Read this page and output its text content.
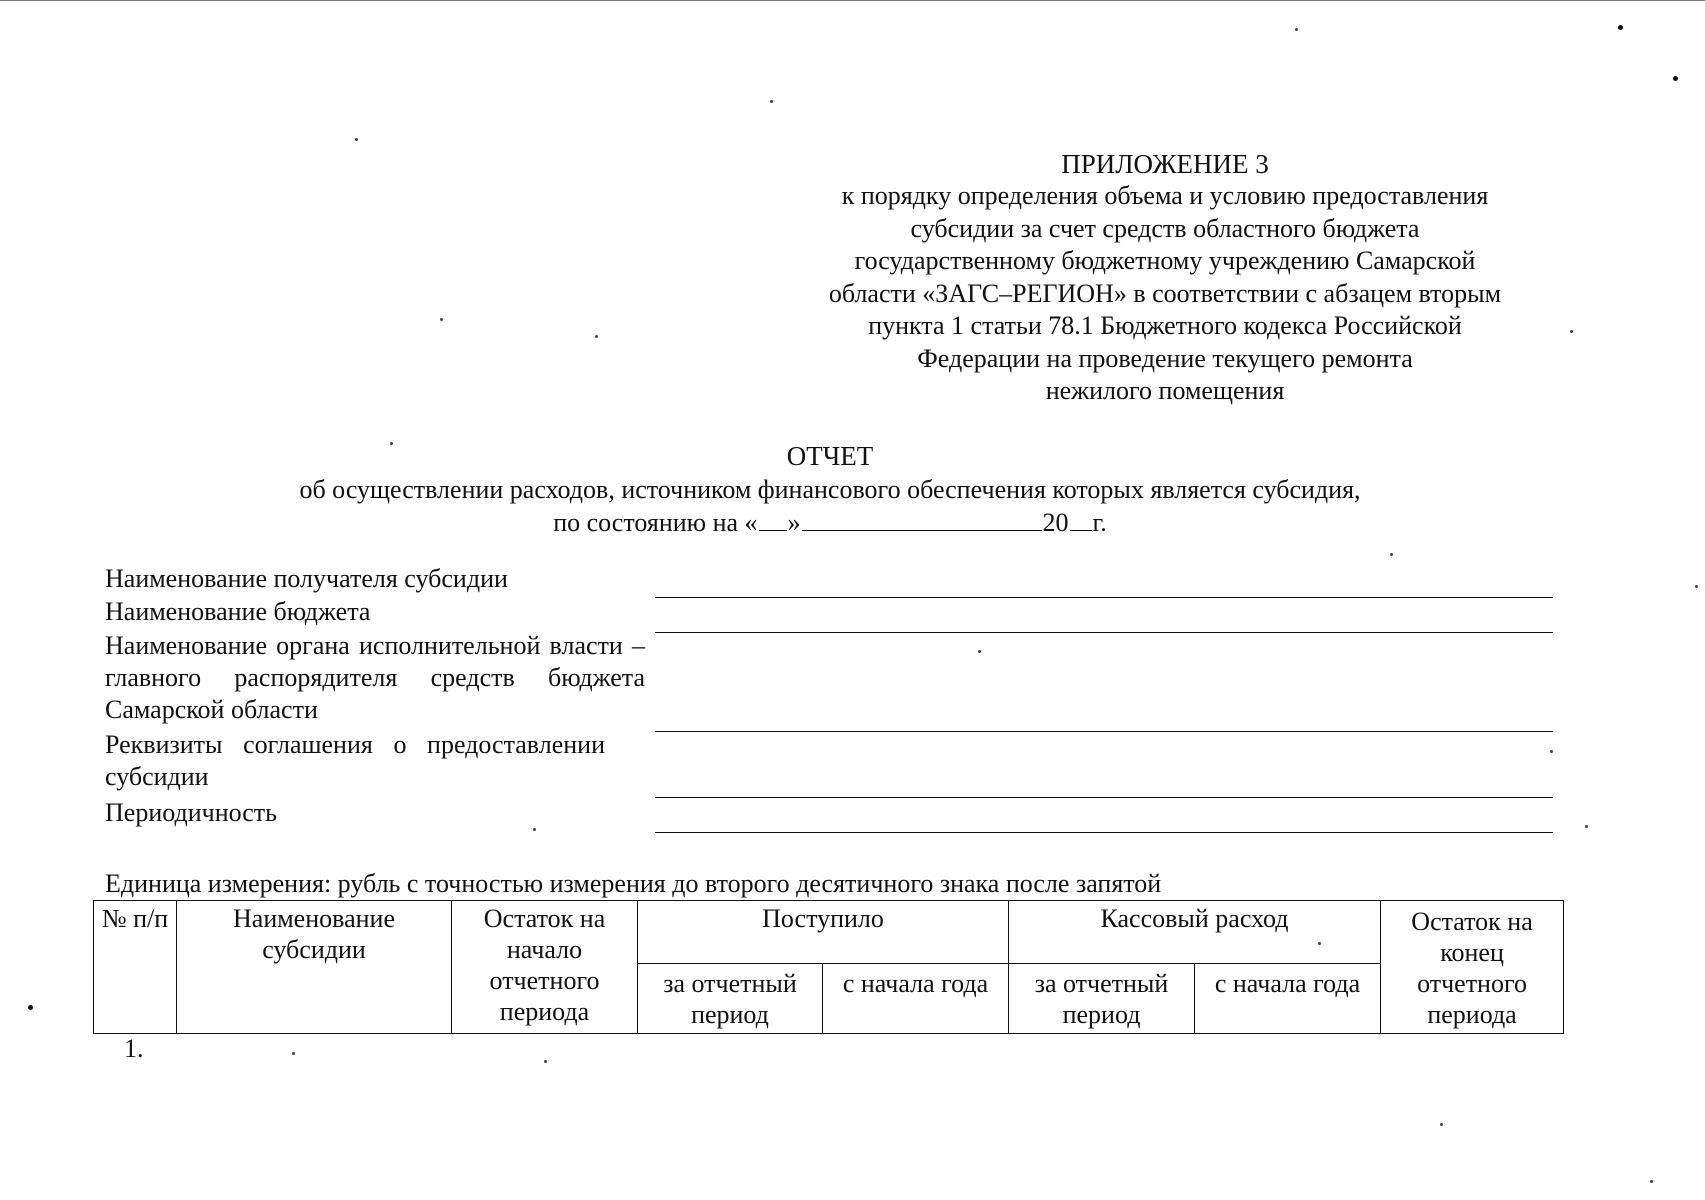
ПРИЛОЖЕНИЕ 3

к порядку определения объема и условию предоставления
субсидии за счет средств областного бюджета
государственному бюджетному учреждению Самарской
области «ЗАГС–РЕГИОН» в соответствии с абзацем вторым
пункта 1 статьи 78.1 Бюджетного кодекса Российской
Федерации на проведение текущего ремонта
нежилого помещения

ОТЧЕТ

об осуществлении расходов, источником финансового обеспечения которых является субсидия,

по состоянию на « »	20 г.

Наименование получателя субсидии

Наименование бюджета

Наименование органа исполнительной власти – главного распорядителя средств бюджета Самарской области

Реквизиты соглашения о предоставлении субсидии

Периодичность

Единица измерения: рубль с точностью измерения до второго десятичного знака после запятой

№ п/п	Наименование субсидии	Остаток на начало отчетного периода	Поступило		Кассовый расход		Остаток на конец отчетного периода
			за отчетный период	с начала года	за отчетный период	с начала года	

1.
